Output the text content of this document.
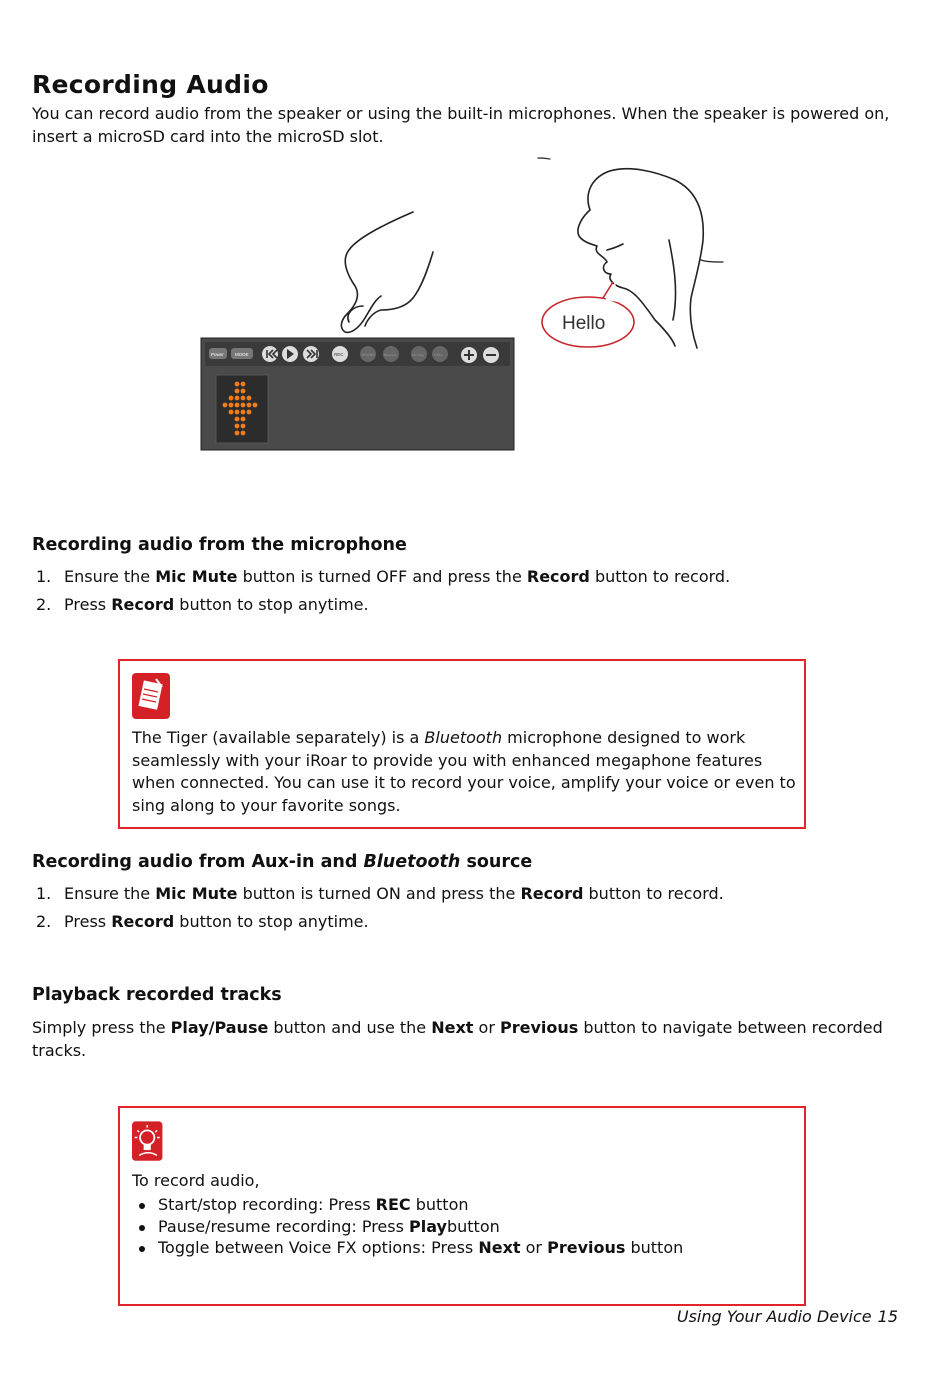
Recording Audio

You can record audio from the speaker or using the built-in microphones. When the speaker is powered on, insert a microSD card into the microSD slot.

Hello
Power MODE	REC	SOUND	Bluetooth	Mic Mute	CALL
Recording audio from the microphone
1. Ensure the Mic Mute button is turned OFF and press the Record button to record.
2. Press Record button to stop anytime.

The Tiger (available separately) is a Bluetooth microphone designed to work seamlessly with your iRoar to provide you with enhanced megaphone features when connected. You can use it to record your voice, amplify your voice or even to sing along to your favorite songs.

Recording audio from Aux-in and Bluetooth source
1. Ensure the Mic Mute button is turned ON and press the Record button to record.
2. Press Record button to stop anytime.
Playback recorded tracks

Simply press the Play/Pause button and use the Next or Previous button to navigate between recorded tracks.

To record audio,

Start/stop recording: Press REC button
Pause/resume recording: Press Playbutton
Toggle between Voice FX options: Press Next or Previous button
Using Your Audio Device 15
